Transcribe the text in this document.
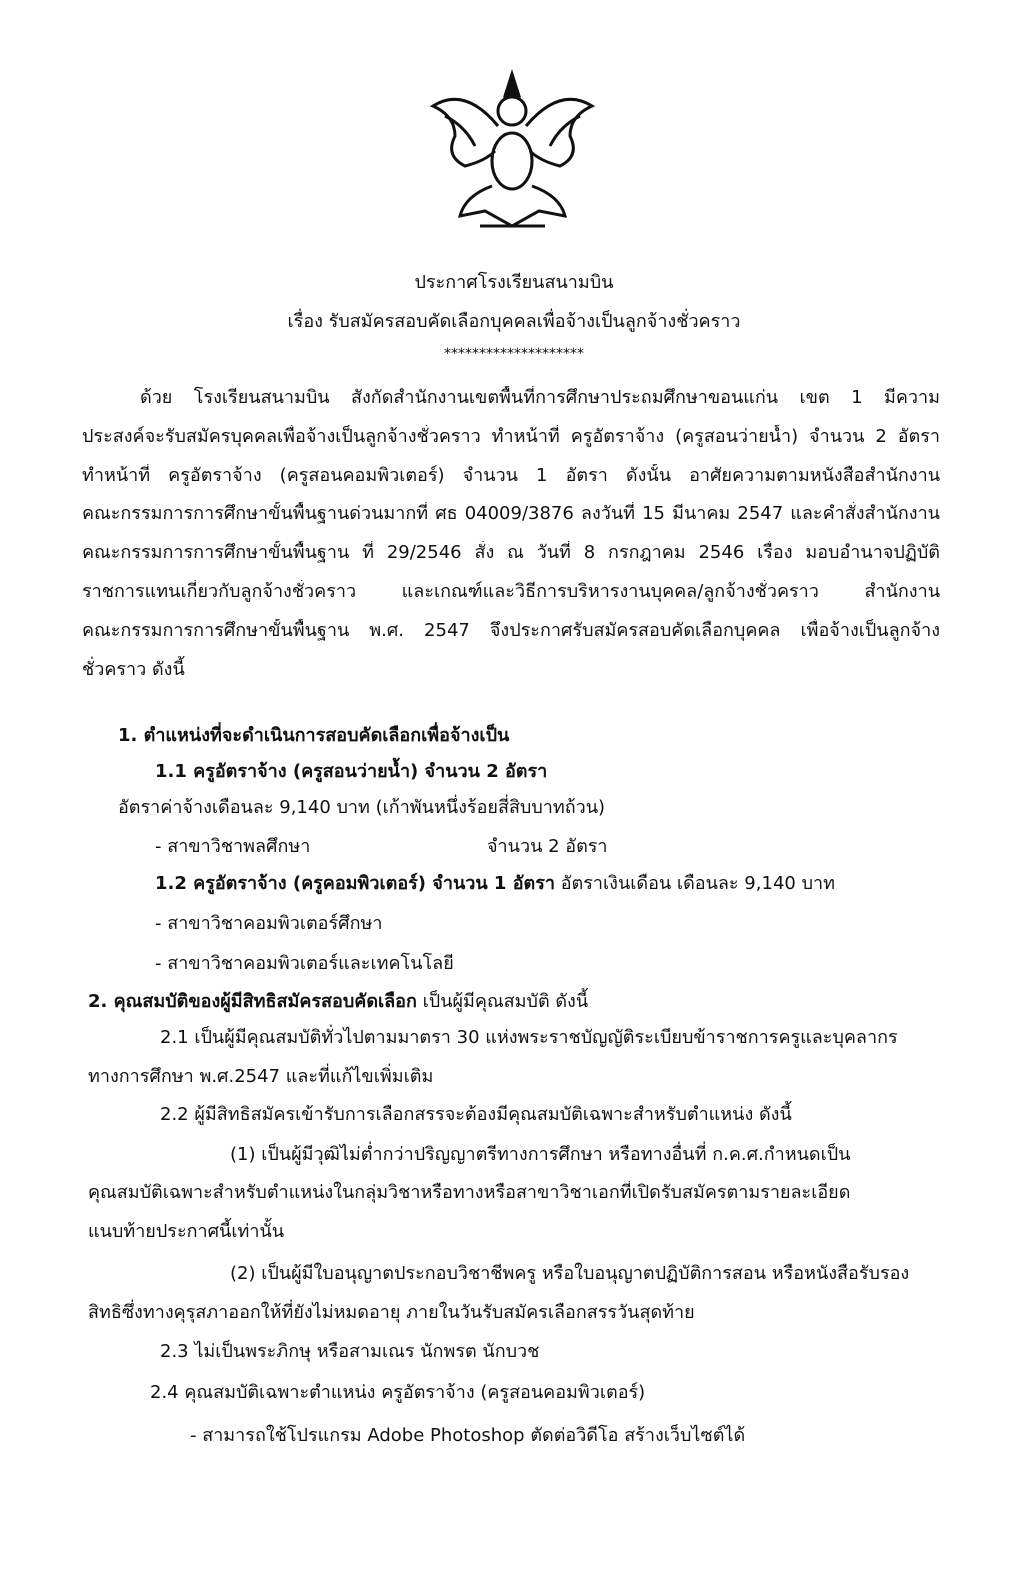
ประกาศโรงเรียนสนามบิน
เรื่อง รับสมัครสอบคัดเลือกบุคคลเพื่อจ้างเป็นลูกจ้างชั่วคราว
********************
ด้วย โรงเรียนสนามบิน สังกัดสำนักงานเขตพื้นที่การศึกษาประถมศึกษาขอนแก่น เขต 1 มีความ
ประสงค์จะรับสมัครบุคคลเพื่อจ้างเป็นลูกจ้างชั่วคราว ทำหน้าที่ ครูอัตราจ้าง (ครูสอนว่ายน้ำ) จำนวน 2 อัตรา
ทำหน้าที่ ครูอัตราจ้าง (ครูสอนคอมพิวเตอร์) จำนวน 1 อัตรา ดังนั้น อาศัยความตามหนังสือสำนักงาน
คณะกรรมการการศึกษาขั้นพื้นฐานด่วนมากที่ ศธ 04009/3876 ลงวันที่ 15 มีนาคม 2547 และคำสั่งสำนักงาน
คณะกรรมการการศึกษาขั้นพื้นฐาน ที่ 29/2546 สั่ง ณ วันที่ 8 กรกฎาคม 2546 เรื่อง มอบอำนาจปฏิบัติ
ราชการแทนเกี่ยวกับลูกจ้างชั่วคราว และเกณฑ์และวิธีการบริหารงานบุคคล/ลูกจ้างชั่วคราว สำนักงาน
คณะกรรมการการศึกษาขั้นพื้นฐาน พ.ศ. 2547 จึงประกาศรับสมัครสอบคัดเลือกบุคคล เพื่อจ้างเป็นลูกจ้าง
ชั่วคราว ดังนี้
1. ตำแหน่งที่จะดำเนินการสอบคัดเลือกเพื่อจ้างเป็น
1.1 ครูอัตราจ้าง (ครูสอนว่ายน้ำ) จำนวน 2 อัตรา
อัตราค่าจ้างเดือนละ 9,140 บาท (เก้าพันหนึ่งร้อยสี่สิบบาทถ้วน)
- สาขาวิชาพลศึกษา	จำนวน 2 อัตรา
1.2 ครูอัตราจ้าง (ครูคอมพิวเตอร์) จำนวน 1 อัตรา อัตราเงินเดือน เดือนละ 9,140 บาท
- สาขาวิชาคอมพิวเตอร์ศึกษา
- สาขาวิชาคอมพิวเตอร์และเทคโนโลยี
2. คุณสมบัติของผู้มีสิทธิสมัครสอบคัดเลือก เป็นผู้มีคุณสมบัติ ดังนี้
2.1 เป็นผู้มีคุณสมบัติทั่วไปตามมาตรา 30 แห่งพระราชบัญญัติระเบียบข้าราชการครูและบุคลากร
ทางการศึกษา พ.ศ.2547 และที่แก้ไขเพิ่มเติม
2.2 ผู้มีสิทธิสมัครเข้ารับการเลือกสรรจะต้องมีคุณสมบัติเฉพาะสำหรับตำแหน่ง ดังนี้
(1) เป็นผู้มีวุฒิไม่ต่ำกว่าปริญญาตรีทางการศึกษา หรือทางอื่นที่ ก.ค.ศ.กำหนดเป็น
คุณสมบัติเฉพาะสำหรับตำแหน่งในกลุ่มวิชาหรือทางหรือสาขาวิชาเอกที่เปิดรับสมัครตามรายละเอียด
แนบท้ายประกาศนี้เท่านั้น
(2) เป็นผู้มีใบอนุญาตประกอบวิชาชีพครู หรือใบอนุญาตปฏิบัติการสอน หรือหนังสือรับรอง
สิทธิซึ่งทางคุรุสภาออกให้ที่ยังไม่หมดอายุ ภายในวันรับสมัครเลือกสรรวันสุดท้าย
2.3 ไม่เป็นพระภิกษุ หรือสามเณร นักพรต นักบวช
2.4 คุณสมบัติเฉพาะตำแหน่ง ครูอัตราจ้าง (ครูสอนคอมพิวเตอร์)
- สามารถใช้โปรแกรม Adobe Photoshop ตัดต่อวิดีโอ สร้างเว็บไซต์ได้
